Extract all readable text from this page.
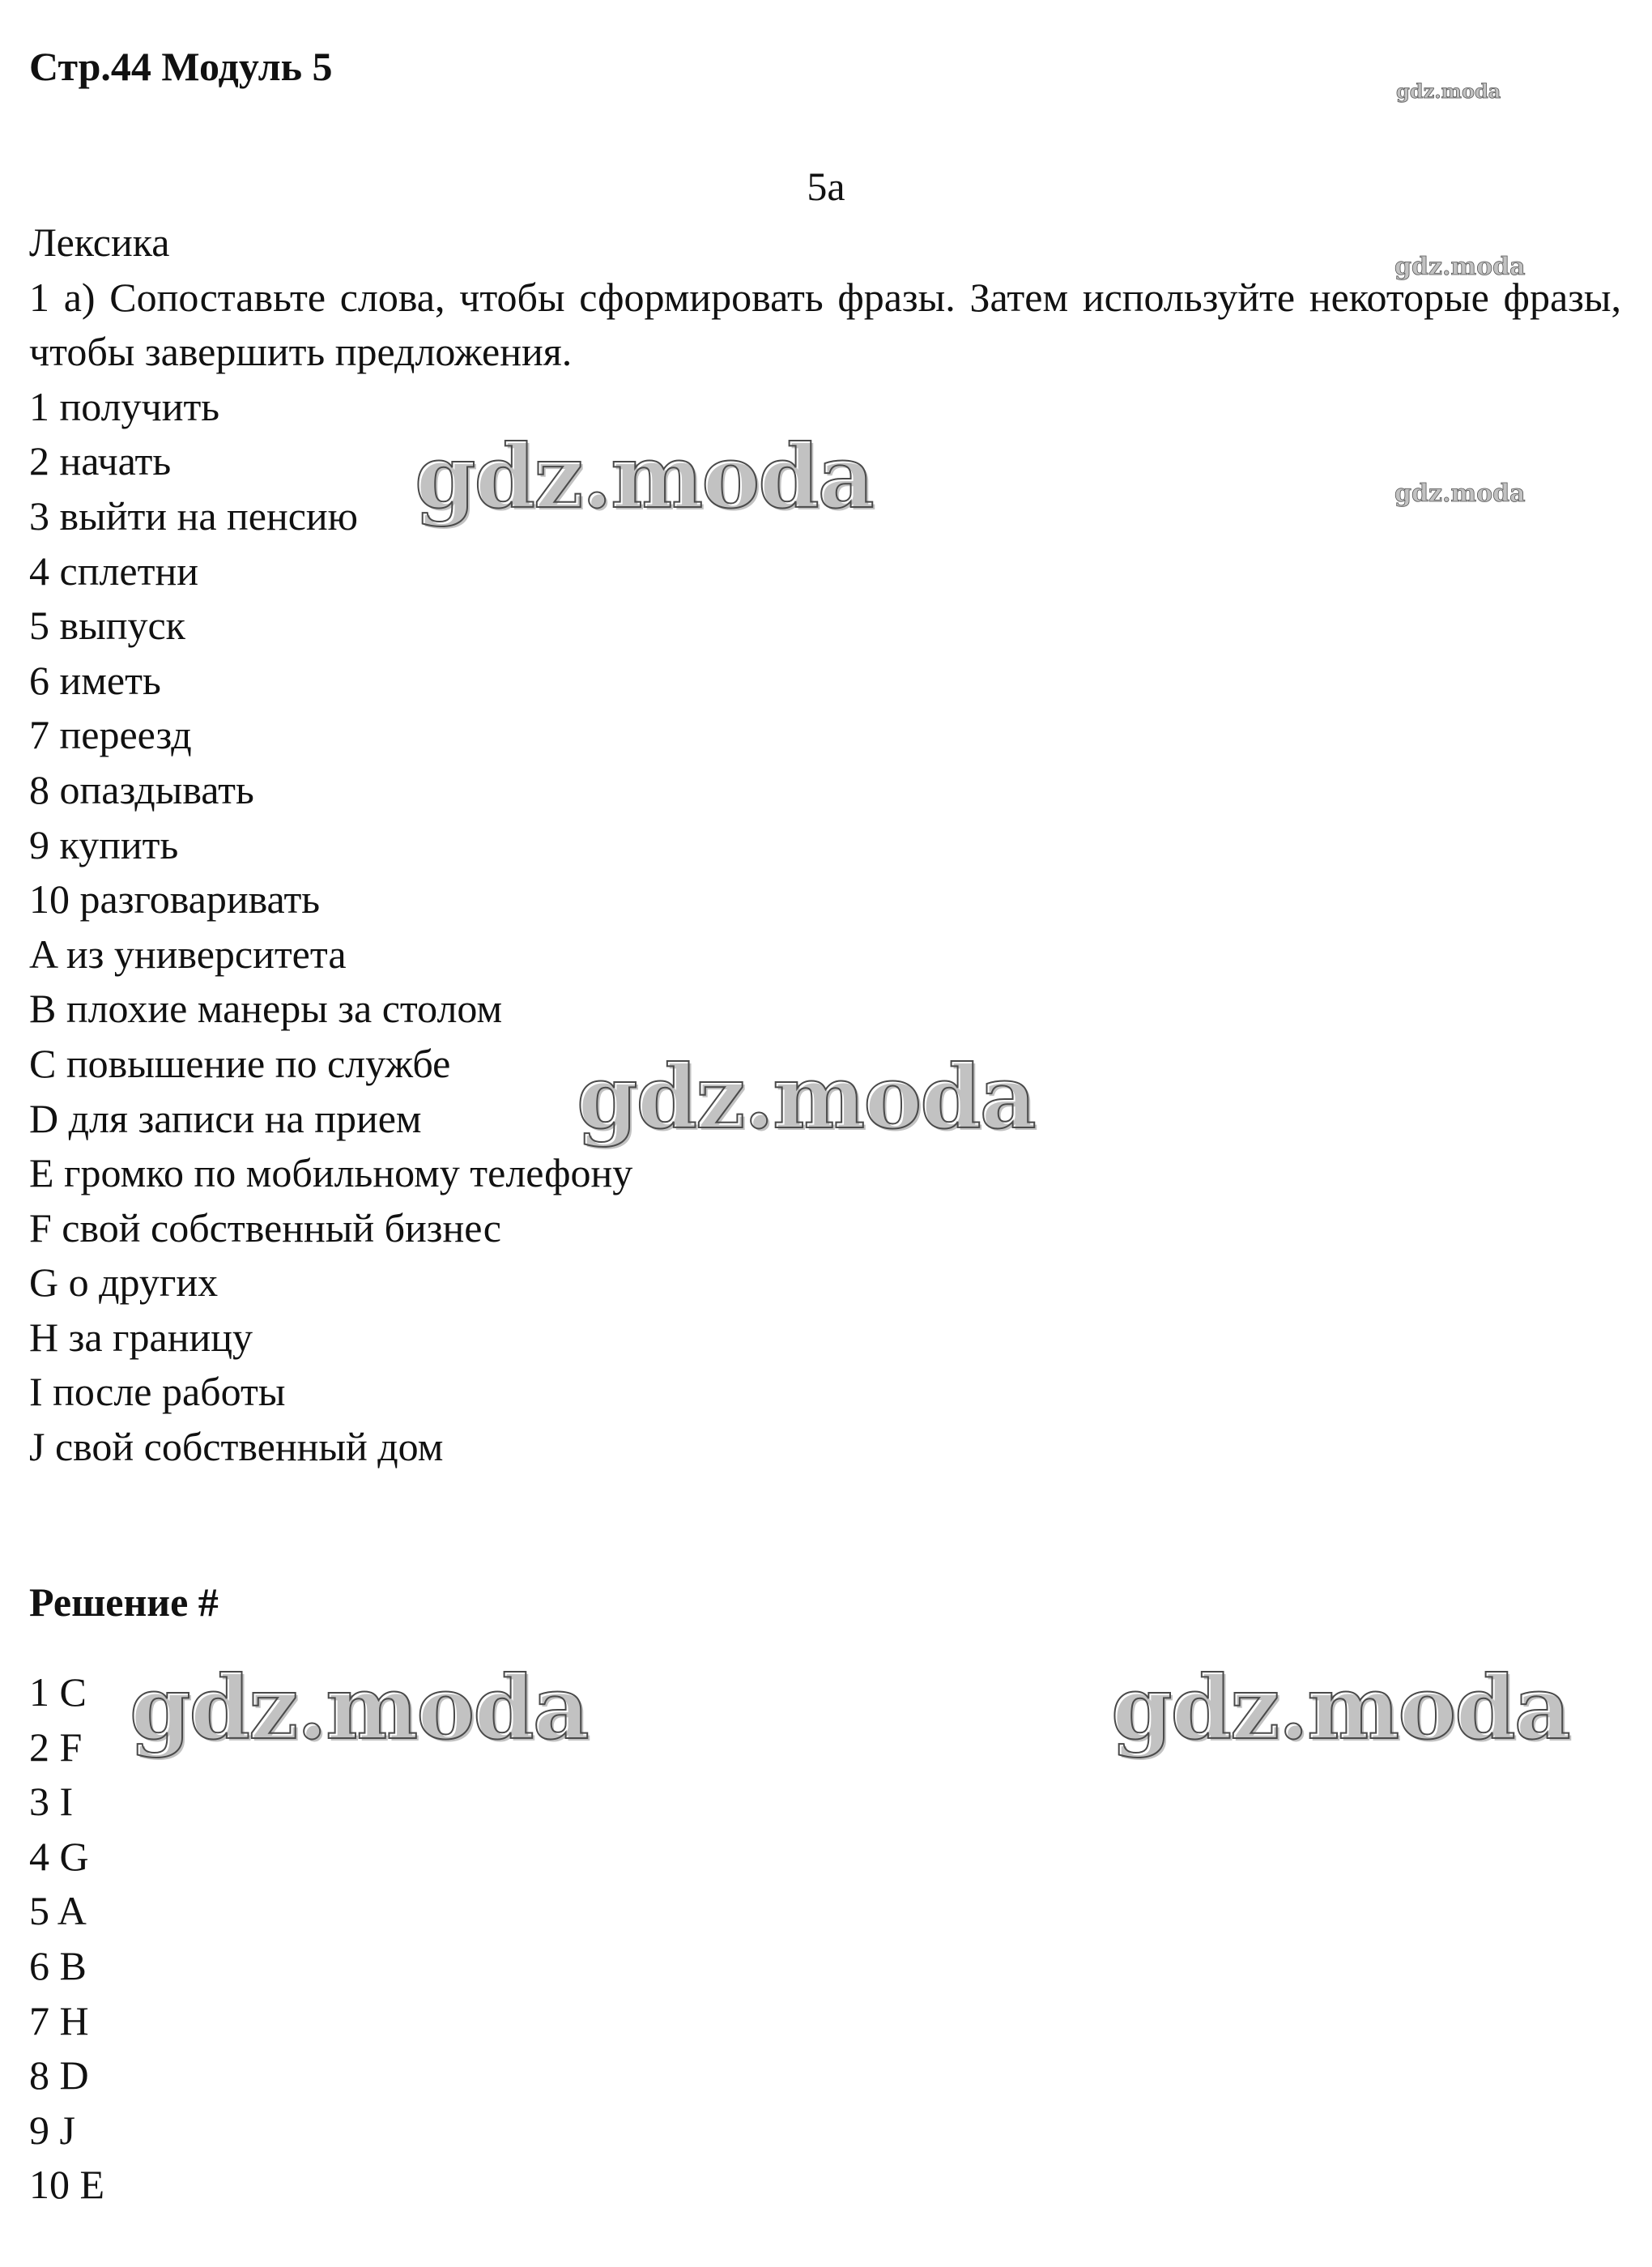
Стр.44 Модуль 5
5a
Лексика
1 a) Сопоставьте слова, чтобы сформировать фразы. Затем используйте некоторые фразы, чтобы завершить предложения.
1 получить
2 начать
3 выйти на пенсию
4 сплетни
5 выпуск
6 иметь
7 переезд
8 опаздывать
9 купить
10 разговаривать
A из университета
B плохие манеры за столом
C повышение по службе
D для записи на прием
E громко по мобильному телефону
F свой собственный бизнес
G о других
H за границу
I после работы
J свой собственный дом
Решение #
1 C
2 F
3 I
4 G
5 A
6 B
7 H
8 D
9 J
10 E
gdz.moda
gdz.moda
gdz.moda
gdz.moda
gdz.moda
gdz.moda	gdz.moda
